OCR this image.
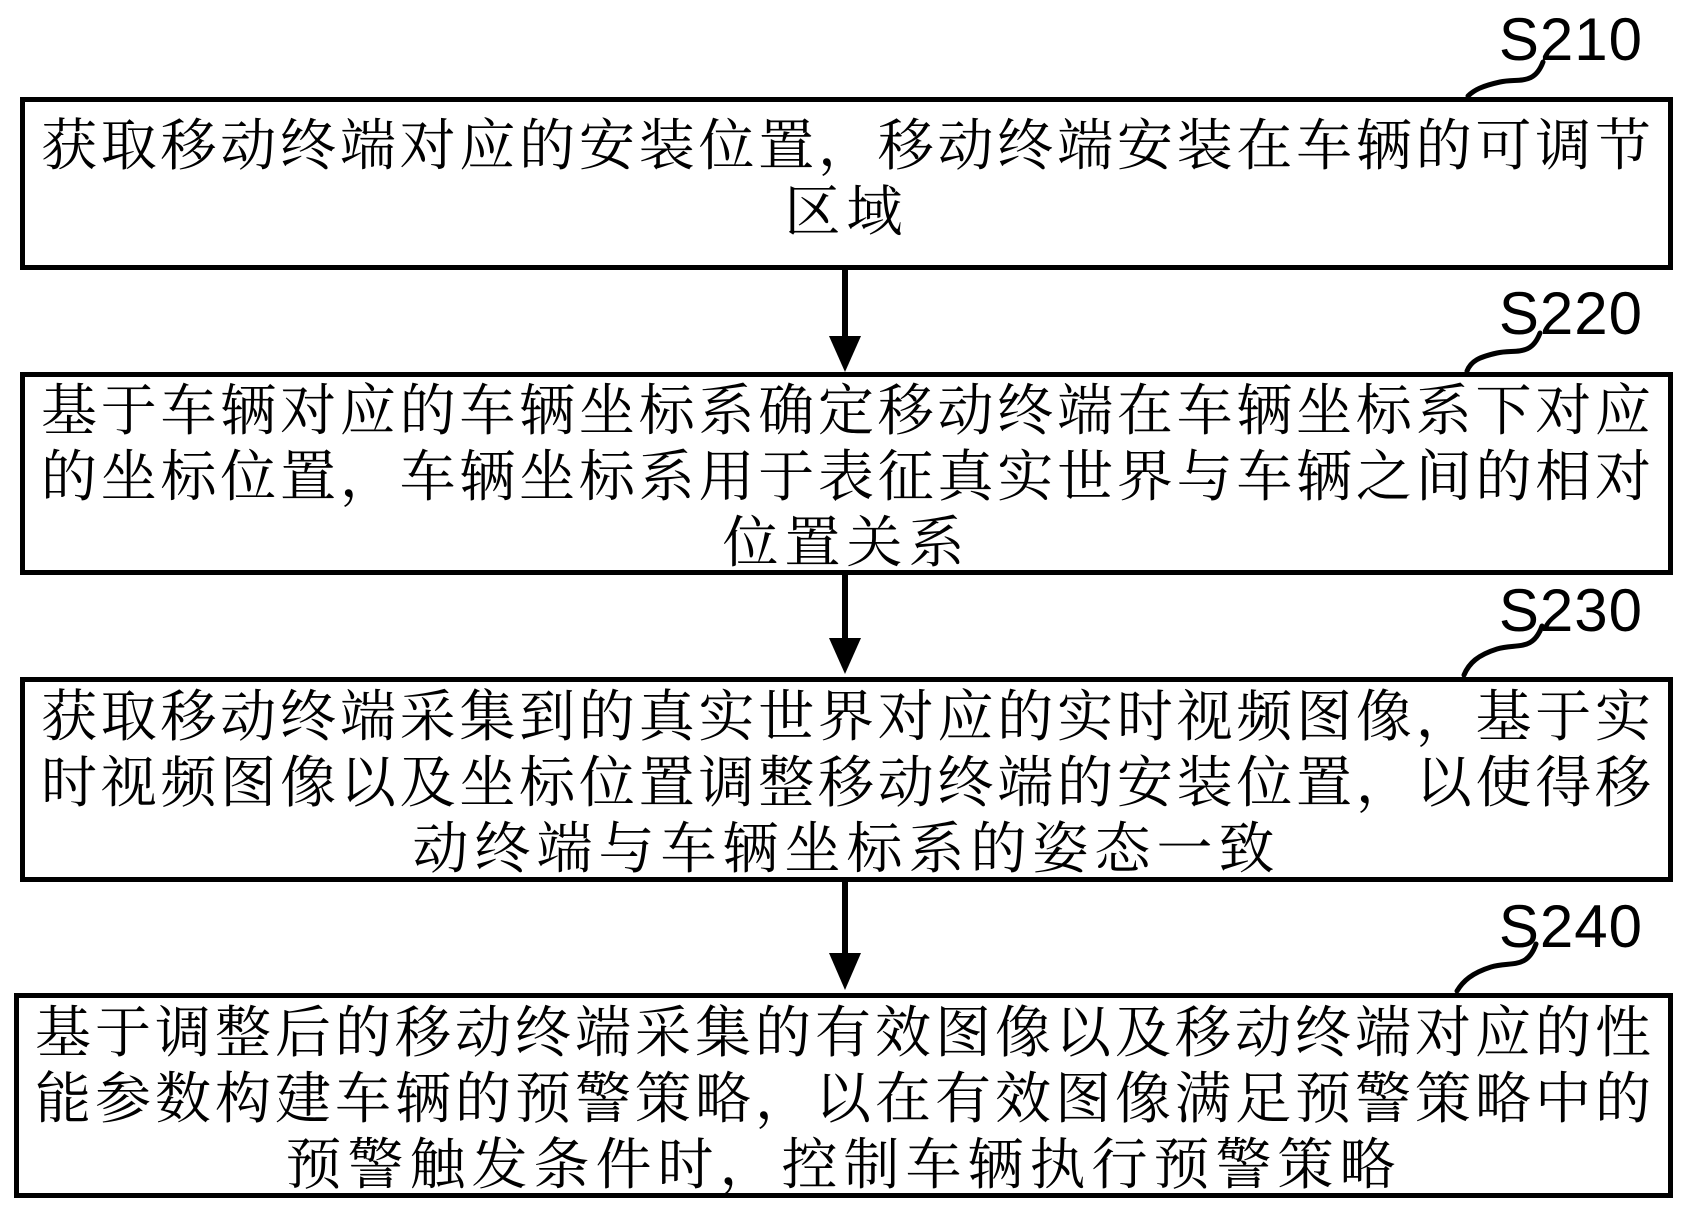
S210
S220
S230
S240
获取移动终端对应的安装位置，移动终端安装在车辆的可调节
区域
基于车辆对应的车辆坐标系确定移动终端在车辆坐标系下对应
的坐标位置，车辆坐标系用于表征真实世界与车辆之间的相对
位置关系
获取移动终端采集到的真实世界对应的实时视频图像，基于实
时视频图像以及坐标位置调整移动终端的安装位置，以使得移
动终端与车辆坐标系的姿态一致
基于调整后的移动终端采集的有效图像以及移动终端对应的性
能参数构建车辆的预警策略，以在有效图像满足预警策略中的
预警触发条件时，控制车辆执行预警策略
